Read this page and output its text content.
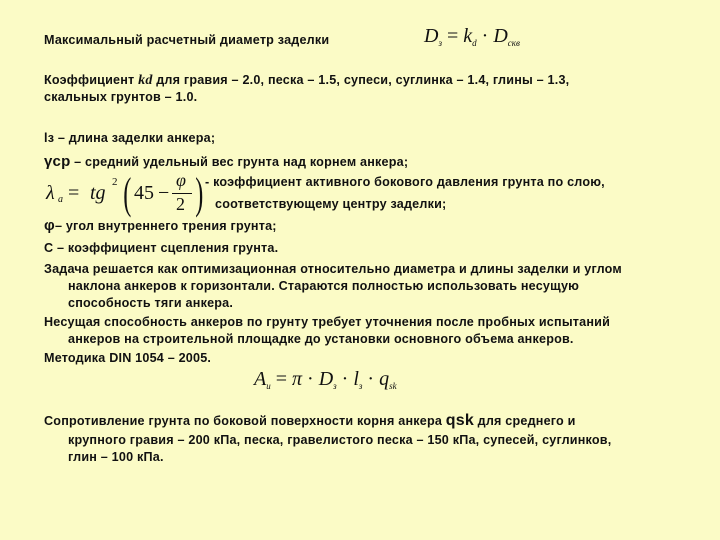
Максимальный расчетный диаметр заделки	$D_з = k_d \cdot D_{скв}$
Коэффициент kd для гравия – 2.0, песка – 1.5, супеси, суглинка – 1.4, глины – 1.3,
скальных грунтов – 1.0.
lз – длина заделки анкера;
γср – средний удельный вес грунта над корнем анкера;
λ a = tg 2 ( 45 −
φ
2 ) - коэффициент активного бокового давления грунта по слою,
соответствующему центру заделки;
φ– угол внутреннего трения грунта;
С – коэффициент сцепления грунта.
Задача решается как оптимизационная относительно диаметра и длины заделки и углом
наклона анкеров к горизонтали. Стараются полностью использовать несущую
способность тяги анкера.
Несущая способность анкеров по грунту требует уточнения после пробных испытаний
анкеров на строительной площадке до установки основного объема анкеров.
Методика DIN 1054 – 2005.
$A_u = \pi \cdot D_з \cdot l_з \cdot q_{sk}$
Сопротивление грунта по боковой поверхности корня анкера qsk для среднего и
крупного гравия – 200 кПа, песка, гравелистого песка – 150 кПа, супесей, суглинков,
глин – 100 кПа.
